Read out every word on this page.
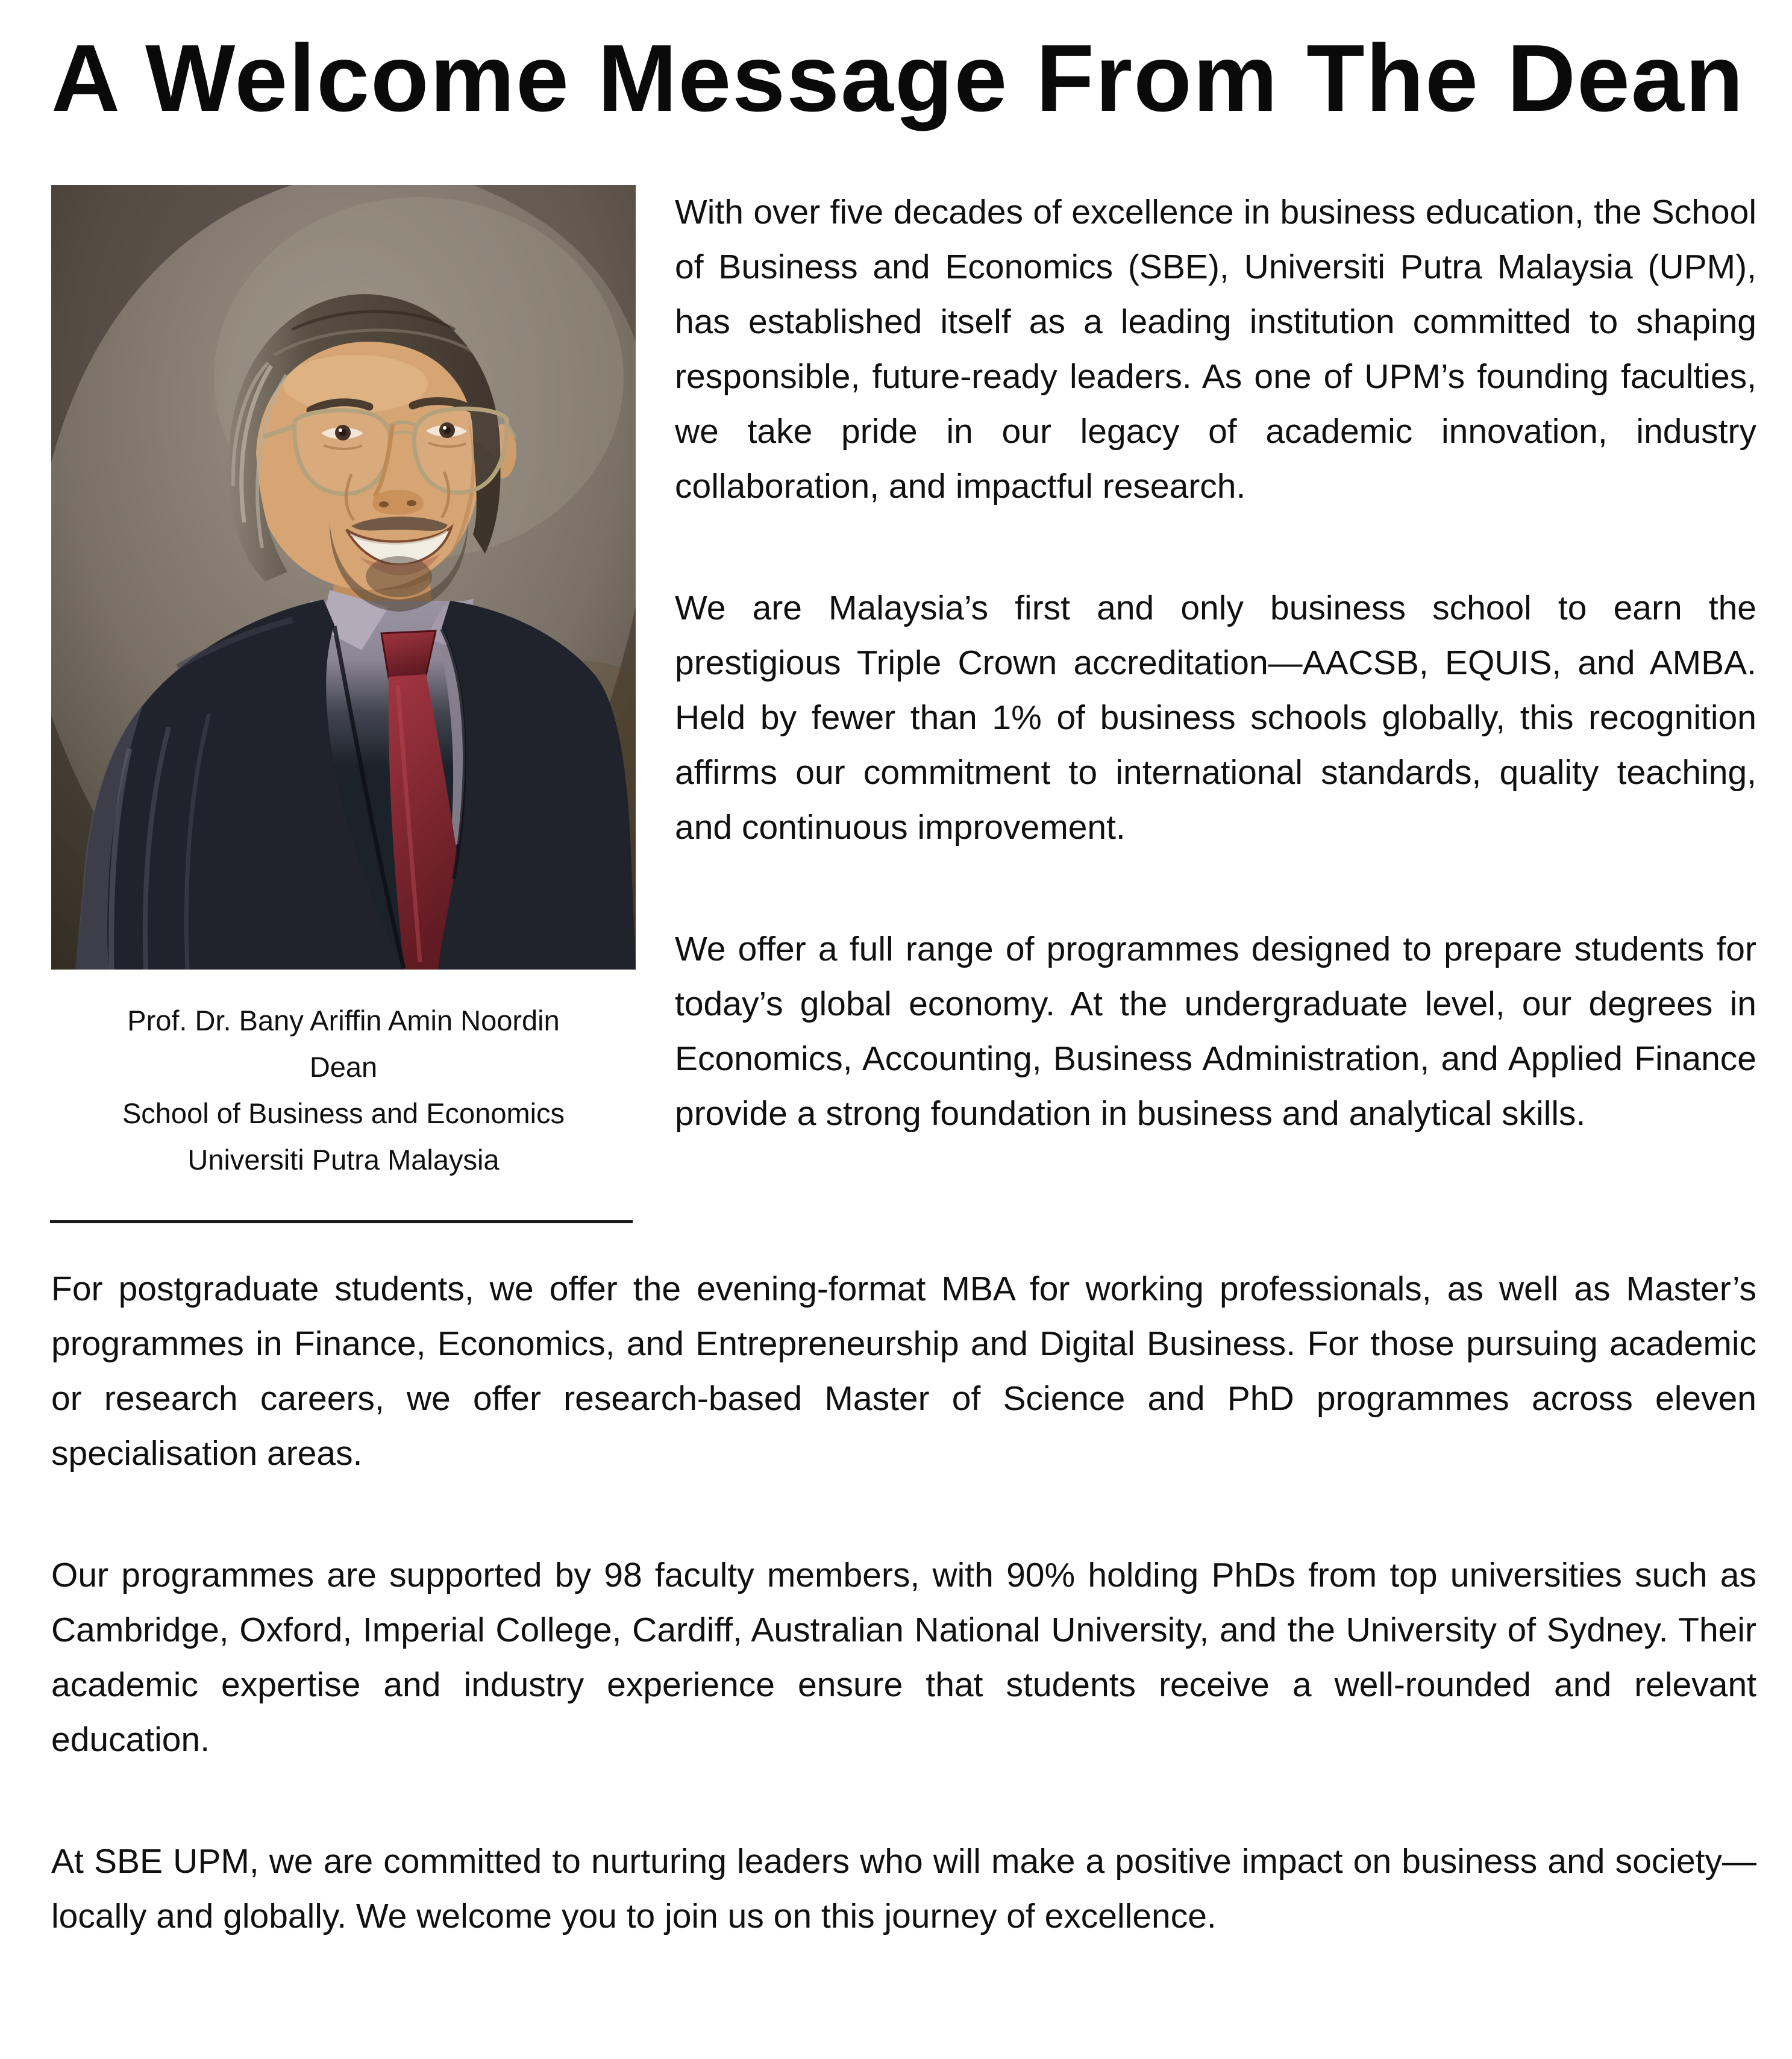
A Welcome Message From The Dean
Prof. Dr. Bany Ariffin Amin Noordin
Dean
School of Business and Economics
Universiti Putra Malaysia

With over five decades of excellence in business education, the School of Business and Economics (SBE), Universiti Putra Malaysia (UPM), has established itself as a leading institution committed to shaping responsible, future-ready leaders. As one of UPM’s founding faculties, we take pride in our legacy of academic innovation, industry collaboration, and impactful research.

We are Malaysia’s first and only business school to earn the prestigious Triple Crown accreditation—AACSB, EQUIS, and AMBA. Held by fewer than 1% of business schools globally, this recognition affirms our commitment to international standards, quality teaching, and continuous improvement.

We offer a full range of programmes designed to prepare students for today’s global economy. At the undergraduate level, our degrees in Economics, Accounting, Business Administration, and Applied Finance provide a strong foundation in business and analytical skills.

For postgraduate students, we offer the evening-format MBA for working professionals, as well as Master’s programmes in Finance, Economics, and Entrepreneurship and Digital Business. For those pursuing academic or research careers, we offer research-based Master of Science and PhD programmes across eleven specialisation areas.

Our programmes are supported by 98 faculty members, with 90% holding PhDs from top universities such as Cambridge, Oxford, Imperial College, Cardiff, Australian National University, and the University of Sydney. Their academic expertise and industry experience ensure that students receive a well-rounded and relevant education.

At SBE UPM, we are committed to nurturing leaders who will make a positive impact on business and society—locally and globally. We welcome you to join us on this journey of excellence.
